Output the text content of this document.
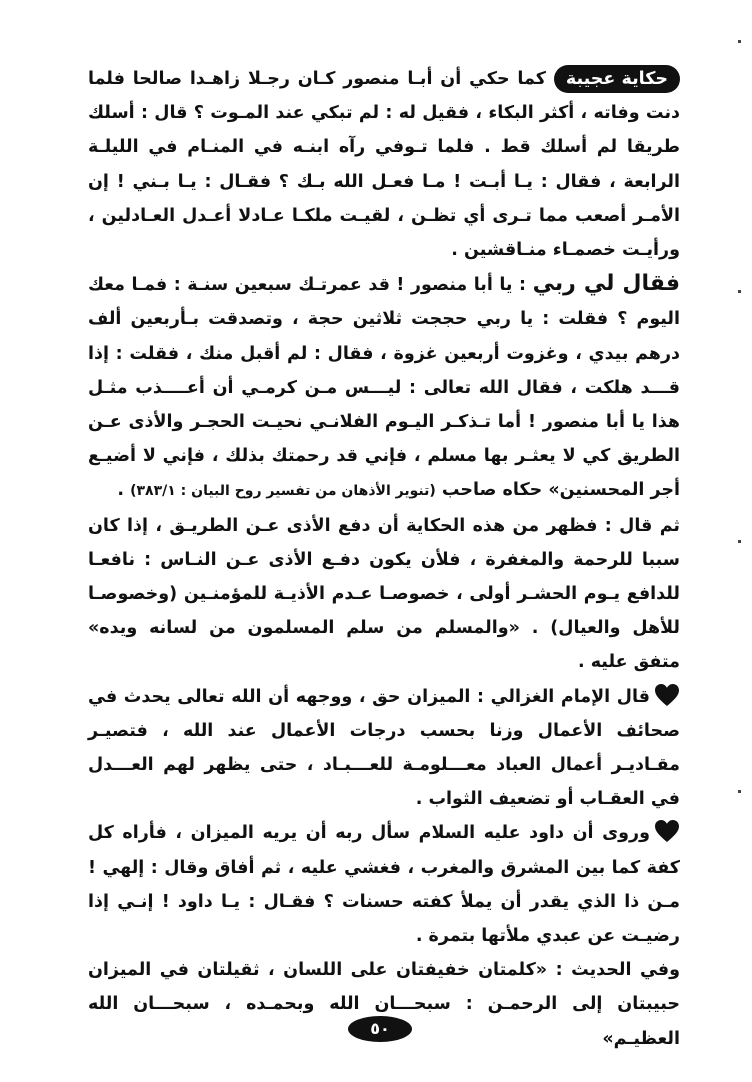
حكاية عجيبةكما حكي أن أبـا منصور كـان رجـلا زاهـدا صالحا فلما دنت وفاته ، أكثر البكاء ، فقيل له : لم تبكي عند المـوت ؟ قال : أسلك طريقا لم أسلك قط . فلما تـوفي رآه ابنـه في المنـام في الليلـة الرابعة ، فقال : يـا أبـت ! مـا فعـل الله بـك ؟ فقـال : يـا بـني ! إن الأمـر أصعب مما تـرى أي تظـن ، لقيـت ملكـا عـادلا أعـدل العـادلين ، ورأيـت خصمـاء منـاقشين .

فقال لي ربي : يا أبا منصور ! قد عمرتـك سبعين سنـة : فمـا معك اليوم ؟ فقلت : يا ربي حججت ثلاثين حجة ، وتصدقت بـأربعين ألف درهم بيدي ، وغزوت أربعين غزوة ، فقال : لم أقبل منك ، فقلت : إذا قـــد هلكت ، فقال الله تعالى : ليـــس مـن كرمـي أن أعــــذب مثـل هذا يا أبا منصور ! أما تـذكـر اليـوم الفلانـي نحيـت الحجـر والأذى عـن الطريق كي لا يعثـر بها مسلم ، فإني قد رحمتك بذلك ، فإني لا أضيـع أجر المحسنين» حكاه صاحب (تنوير الأذهان من تفسير روح البيان : ٣٨٣/١) .

ثم قال : فظهر من هذه الحكاية أن دفع الأذى عـن الطريـق ، إذا كان سببا للرحمة والمغفرة ، فلأن يكون دفـع الأذى عـن النـاس : نافعـا للدافع يـوم الحشـر أولى ، خصوصـا عـدم الأذيـة للمؤمنـين (وخصوصـا للأهل والعيال) . «والمسلم من سلم المسلمون من لسانه ويده» متفق عليه .

قال الإمام الغزالي : الميزان حق ، ووجهه أن الله تعالى يحدث في صحائف الأعمال وزنا بحسب درجات الأعمال عند الله ، فتصيـر مقـاديـر أعمال العباد معـــلومـة للعـــبـاد ، حتى يظهر لهم العـــدل في العقـاب أو تضعيف الثواب .

وروى أن داود عليه السلام سأل ربه أن يريه الميزان ، فأراه كل كفة كما بين المشرق والمغرب ، فغشي عليه ، ثم أفاق وقال : إلهي ! مـن ذا الذي يقدر أن يملأ كفته حسنات ؟ فقـال : يـا داود ! إنـي إذا رضيـت عن عبدي ملأتها بتمرة .

وفي الحديث : «كلمتان خفيفتان على اللسان ، ثقيلتان في الميزان حبيبتان إلى الرحمـن : سبحـــان الله وبحمـده ، سبحـــان الله العظيـم»

٥٠
